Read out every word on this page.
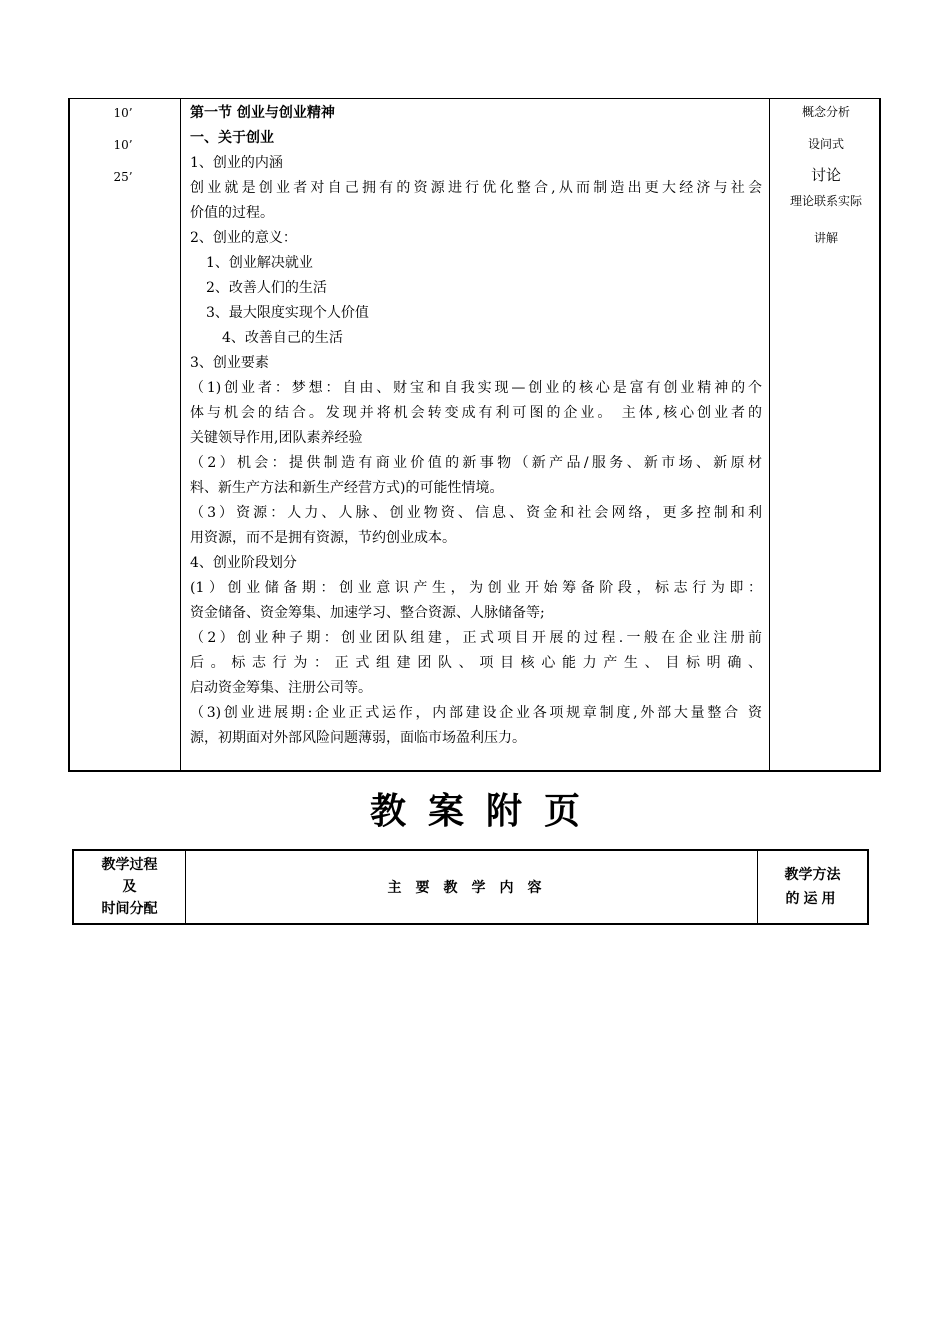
10’
10’
25’
第一节 创业与创业精神
一、关于创业
1、创业的内涵
创业就是创业者对自己拥有的资源进行优化整合,从而制造出更大经济与社会
价值的过程。
2、创业的意义：
1、创业解决就业
2、改善人们的生活
3、最大限度实现个人价值
4、改善自己的生活
3、创业要素
（1)创业者：梦想：自由、财宝和自我实现—创业的核心是富有创业精神的个
体与机会的结合。发现并将机会转变成有利可图的企业。 主体,核心创业者的
关键领导作用,团队素养经验
（2）机会：提供制造有商业价值的新事物（新产品/服务、新市场、新原材
料、新生产方法和新生产经营方式)的可能性情境。
（3）资源：人力、人脉、创业物资、信息、资金和社会网络，更多控制和利
用资源，而不是拥有资源，节约创业成本。
4、创业阶段划分
(1）创业储备期：创业意识产生，为创业开始筹备阶段，标志行为即：
资金储备、资金筹集、加速学习、整合资源、人脉储备等;
（2）创业种子期：创业团队组建，正式项目开展的过程.一般在企业注册前
后。标志行为：正式组建团队、项目核心能力产生、目标明确、
启动资金筹集、注册公司等。
（3)创业进展期:企业正式运作，内部建设企业各项规章制度,外部大量整合 资
源，初期面对外部风险问题薄弱，面临市场盈利压力。
概念分析
设问式
讨论
理论联系实际
讲解
教案附页
教学过程
及
时间分配
主要教学内容
教学方法
的运用
